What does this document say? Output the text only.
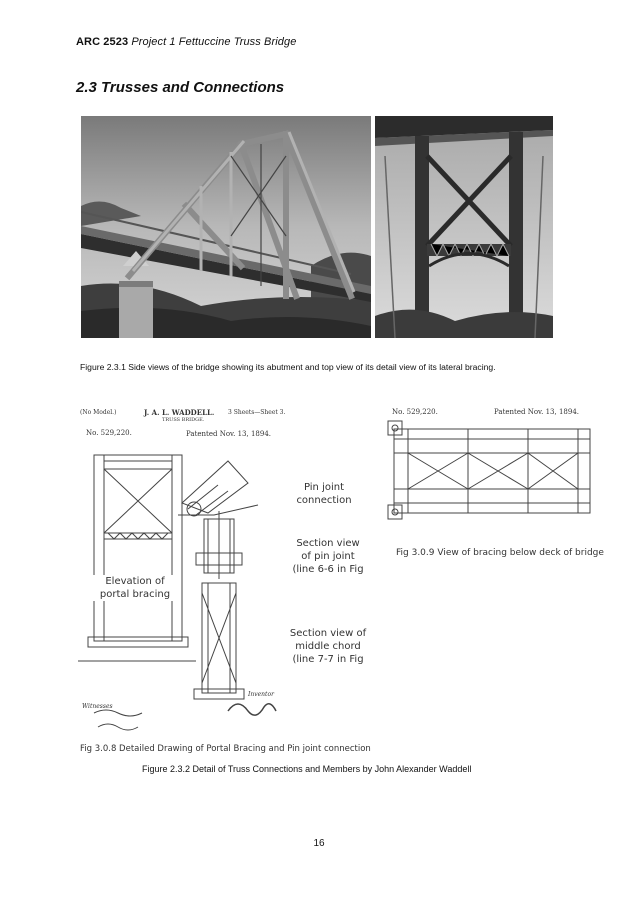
ARC 2523 Project 1 Fettuccine Truss Bridge
2.3 Trusses and Connections
Figure 2.3.1 Side views of the bridge showing its abutment and top view of its detail view of its lateral bracing.
(No Model.)	J. A. L. WADDELL. 3 Sheets—Sheet 3.
TRUSS BRIDGE.
No. 529,220.	Patented Nov. 13, 1894.
No. 529,220.	Patented Nov. 13, 1894.
Pin joint
connection
Section view
of pin joint
(line 6-6 in Fig
Section view of
middle chord
(line 7-7 in Fig
Elevation of
portal bracing
Fig 3.0.9 View of bracing below deck of bridge
Witnesses
Inventor
Fig 3.0.8 Detailed Drawing of Portal Bracing and Pin joint connection
Figure 2.3.2 Detail of Truss Connections and Members by John Alexander Waddell
16
